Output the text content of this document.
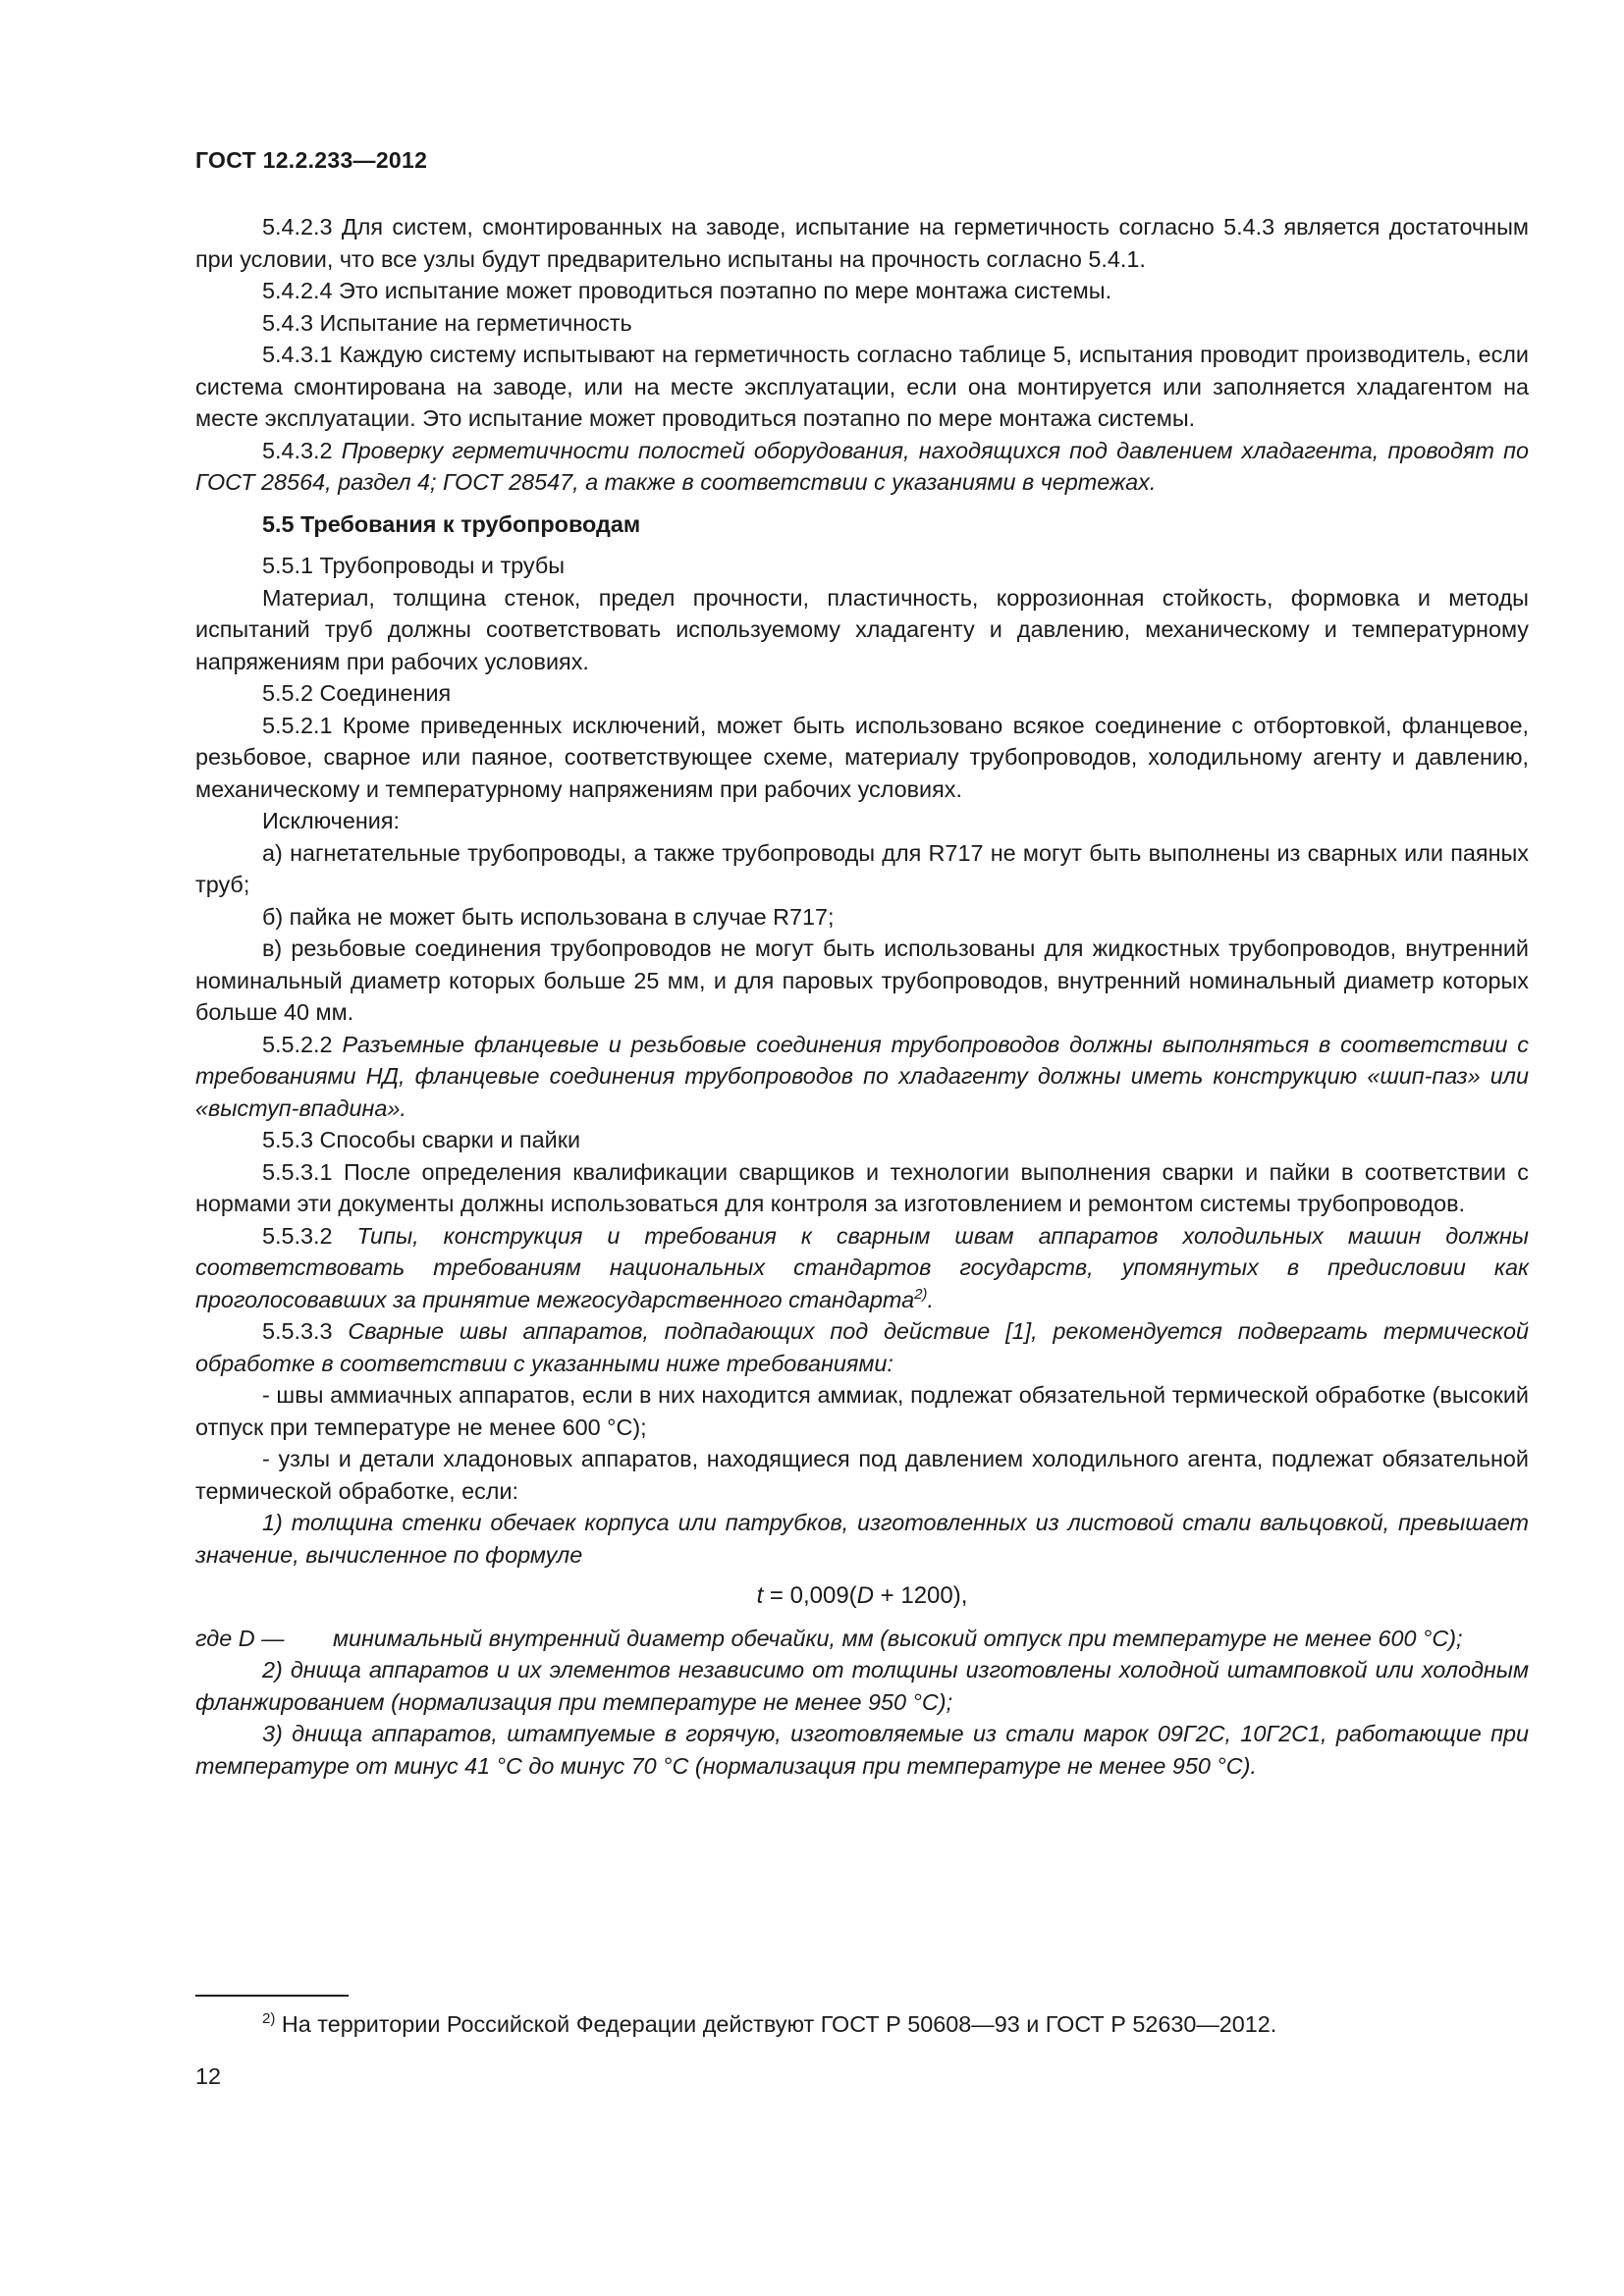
ГОСТ 12.2.233—2012

5.4.2.3 Для систем, смонтированных на заводе, испытание на герметичность согласно 5.4.3 является достаточным при условии, что все узлы будут предварительно испытаны на прочность согласно 5.4.1.

5.4.2.4 Это испытание может проводиться поэтапно по мере монтажа системы.

5.4.3 Испытание на герметичность

5.4.3.1 Каждую систему испытывают на герметичность согласно таблице 5, испытания проводит производитель, если система смонтирована на заводе, или на месте эксплуатации, если она монтируется или заполняется хладагентом на месте эксплуатации. Это испытание может проводиться поэтапно по мере монтажа системы.

5.4.3.2 Проверку герметичности полостей оборудования, находящихся под давлением хладагента, проводят по ГОСТ 28564, раздел 4; ГОСТ 28547, а также в соответствии с указаниями в чертежах.

5.5 Требования к трубопроводам

5.5.1 Трубопроводы и трубы

Материал, толщина стенок, предел прочности, пластичность, коррозионная стойкость, формовка и методы испытаний труб должны соответствовать используемому хладагенту и давлению, механическому и температурному напряжениям при рабочих условиях.

5.5.2 Соединения

5.5.2.1 Кроме приведенных исключений, может быть использовано всякое соединение с отбортовкой, фланцевое, резьбовое, сварное или паяное, соответствующее схеме, материалу трубопроводов, холодильному агенту и давлению, механическому и температурному напряжениям при рабочих условиях.

Исключения:

а) нагнетательные трубопроводы, а также трубопроводы для R717 не могут быть выполнены из сварных или паяных труб;

б) пайка не может быть использована в случае R717;

в) резьбовые соединения трубопроводов не могут быть использованы для жидкостных трубопроводов, внутренний номинальный диаметр которых больше 25 мм, и для паровых трубопроводов, внутренний номинальный диаметр которых больше 40 мм.

5.5.2.2 Разъемные фланцевые и резьбовые соединения трубопроводов должны выполняться в соответствии с требованиями НД, фланцевые соединения трубопроводов по хладагенту должны иметь конструкцию «шип-паз» или «выступ-впадина».

5.5.3 Способы сварки и пайки

5.5.3.1 После определения квалификации сварщиков и технологии выполнения сварки и пайки в соответствии с нормами эти документы должны использоваться для контроля за изготовлением и ремонтом системы трубопроводов.

5.5.3.2 Типы, конструкция и требования к сварным швам аппаратов холодильных машин должны соответствовать требованиям национальных стандартов государств, упомянутых в предисловии как проголосовавших за принятие межгосударственного стандарта$^{2)}$.

5.5.3.3 Сварные швы аппаратов, подпадающих под действие [1], рекомендуется подвергать термической обработке в соответствии с указанными ниже требованиями:

- швы аммиачных аппаратов, если в них находится аммиак, подлежат обязательной термической обработке (высокий отпуск при температуре не менее 600 °С);

- узлы и детали хладоновых аппаратов, находящиеся под давлением холодильного агента, подлежат обязательной термической обработке, если:

1) толщина стенки обечаек корпуса или патрубков, изготовленных из листовой стали вальцовкой, превышает значение, вычисленное по формуле

t = 0,009(D + 1200),

где D —	минимальный внутренний диаметр обечайки, мм (высокий отпуск при температуре не менее 600 °С);

2) днища аппаратов и их элементов независимо от толщины изготовлены холодной штамповкой или холодным фланжированием (нормализация при температуре не менее 950 °С);

3) днища аппаратов, штампуемые в горячую, изготовляемые из стали марок 09Г2С, 10Г2С1, работающие при температуре от минус 41 °С до минус 70 °С (нормализация при температуре не менее 950 °С).

$^{2)}$ На территории Российской Федерации действуют ГОСТ Р 50608—93 и ГОСТ Р 52630—2012.
12
